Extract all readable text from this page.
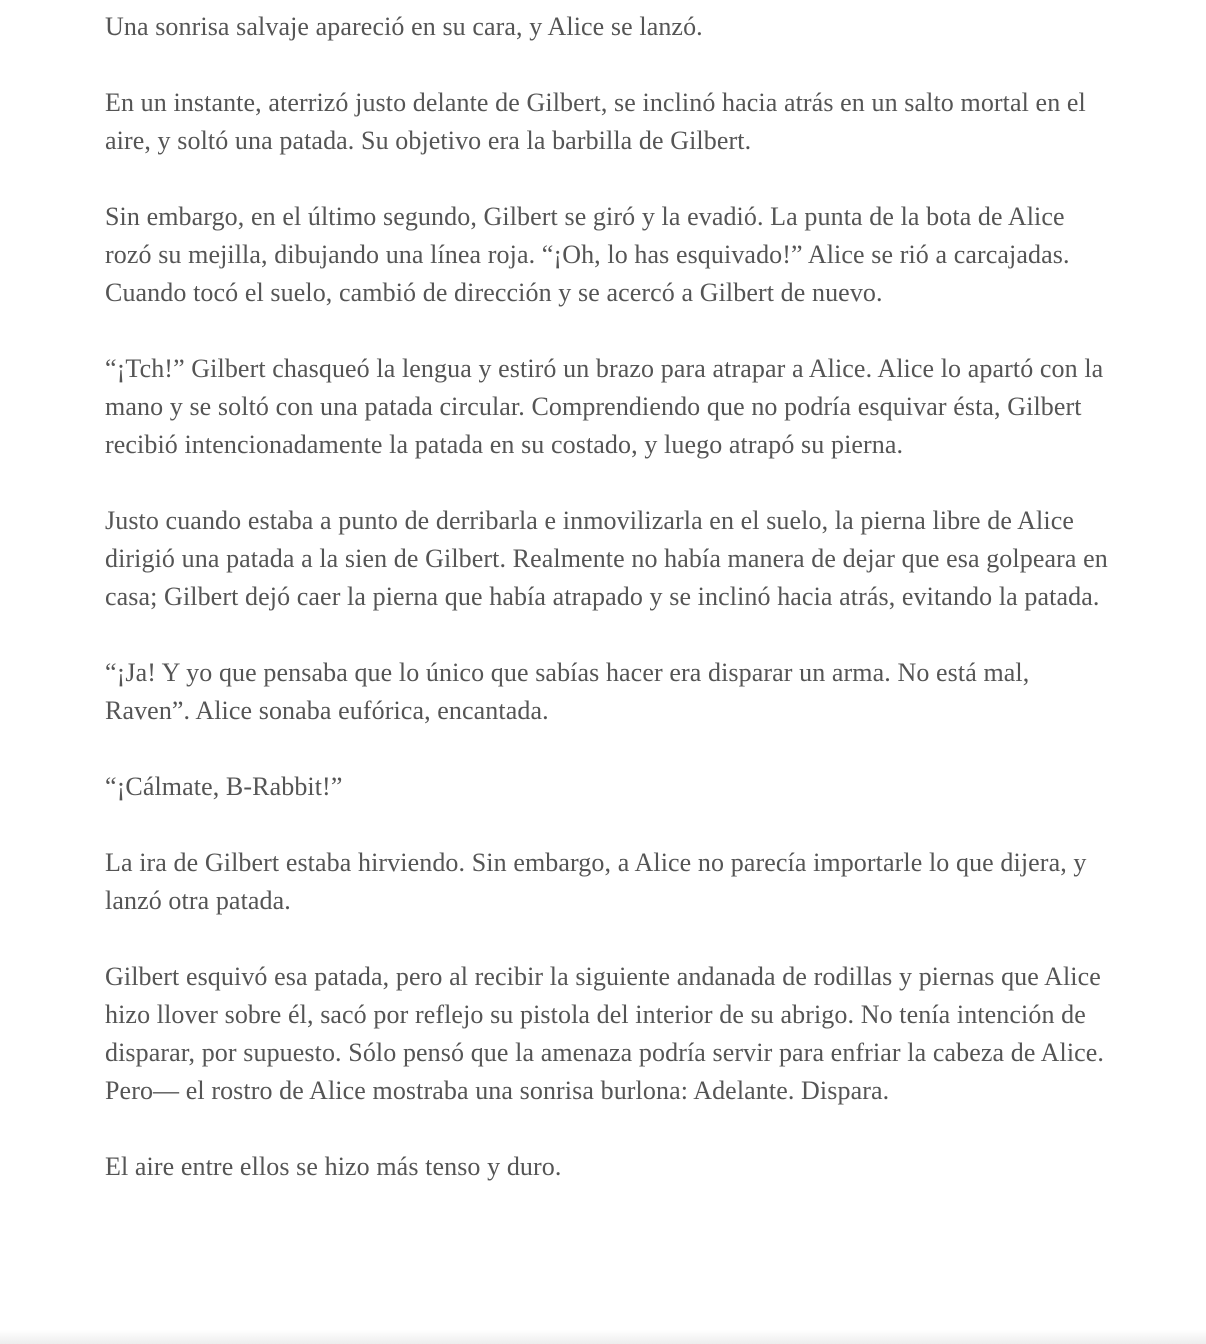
Una sonrisa salvaje apareció en su cara, y Alice se lanzó.

En un instante, aterrizó justo delante de Gilbert, se inclinó hacia atrás en un salto mortal en el aire, y soltó una patada. Su objetivo era la barbilla de Gilbert.

Sin embargo, en el último segundo, Gilbert se giró y la evadió. La punta de la bota de Alice rozó su mejilla, dibujando una línea roja. “¡Oh, lo has esquivado!” Alice se rió a carcajadas. Cuando tocó el suelo, cambió de dirección y se acercó a Gilbert de nuevo.

“¡Tch!” Gilbert chasqueó la lengua y estiró un brazo para atrapar a Alice. Alice lo apartó con la mano y se soltó con una patada circular. Comprendiendo que no podría esquivar ésta, Gilbert recibió intencionadamente la patada en su costado, y luego atrapó su pierna.

Justo cuando estaba a punto de derribarla e inmovilizarla en el suelo, la pierna libre de Alice dirigió una patada a la sien de Gilbert. Realmente no había manera de dejar que esa golpeara en casa; Gilbert dejó caer la pierna que había atrapado y se inclinó hacia atrás, evitando la patada.

“¡Ja! Y yo que pensaba que lo único que sabías hacer era disparar un arma. No está mal, Raven”. Alice sonaba eufórica, encantada.

“¡Cálmate, B-Rabbit!”

La ira de Gilbert estaba hirviendo. Sin embargo, a Alice no parecía importarle lo que dijera, y lanzó otra patada.

Gilbert esquivó esa patada, pero al recibir la siguiente andanada de rodillas y piernas que Alice hizo llover sobre él, sacó por reflejo su pistola del interior de su abrigo. No tenía intención de disparar, por supuesto. Sólo pensó que la amenaza podría servir para enfriar la cabeza de Alice. Pero— el rostro de Alice mostraba una sonrisa burlona: Adelante. Dispara.

El aire entre ellos se hizo más tenso y duro.
